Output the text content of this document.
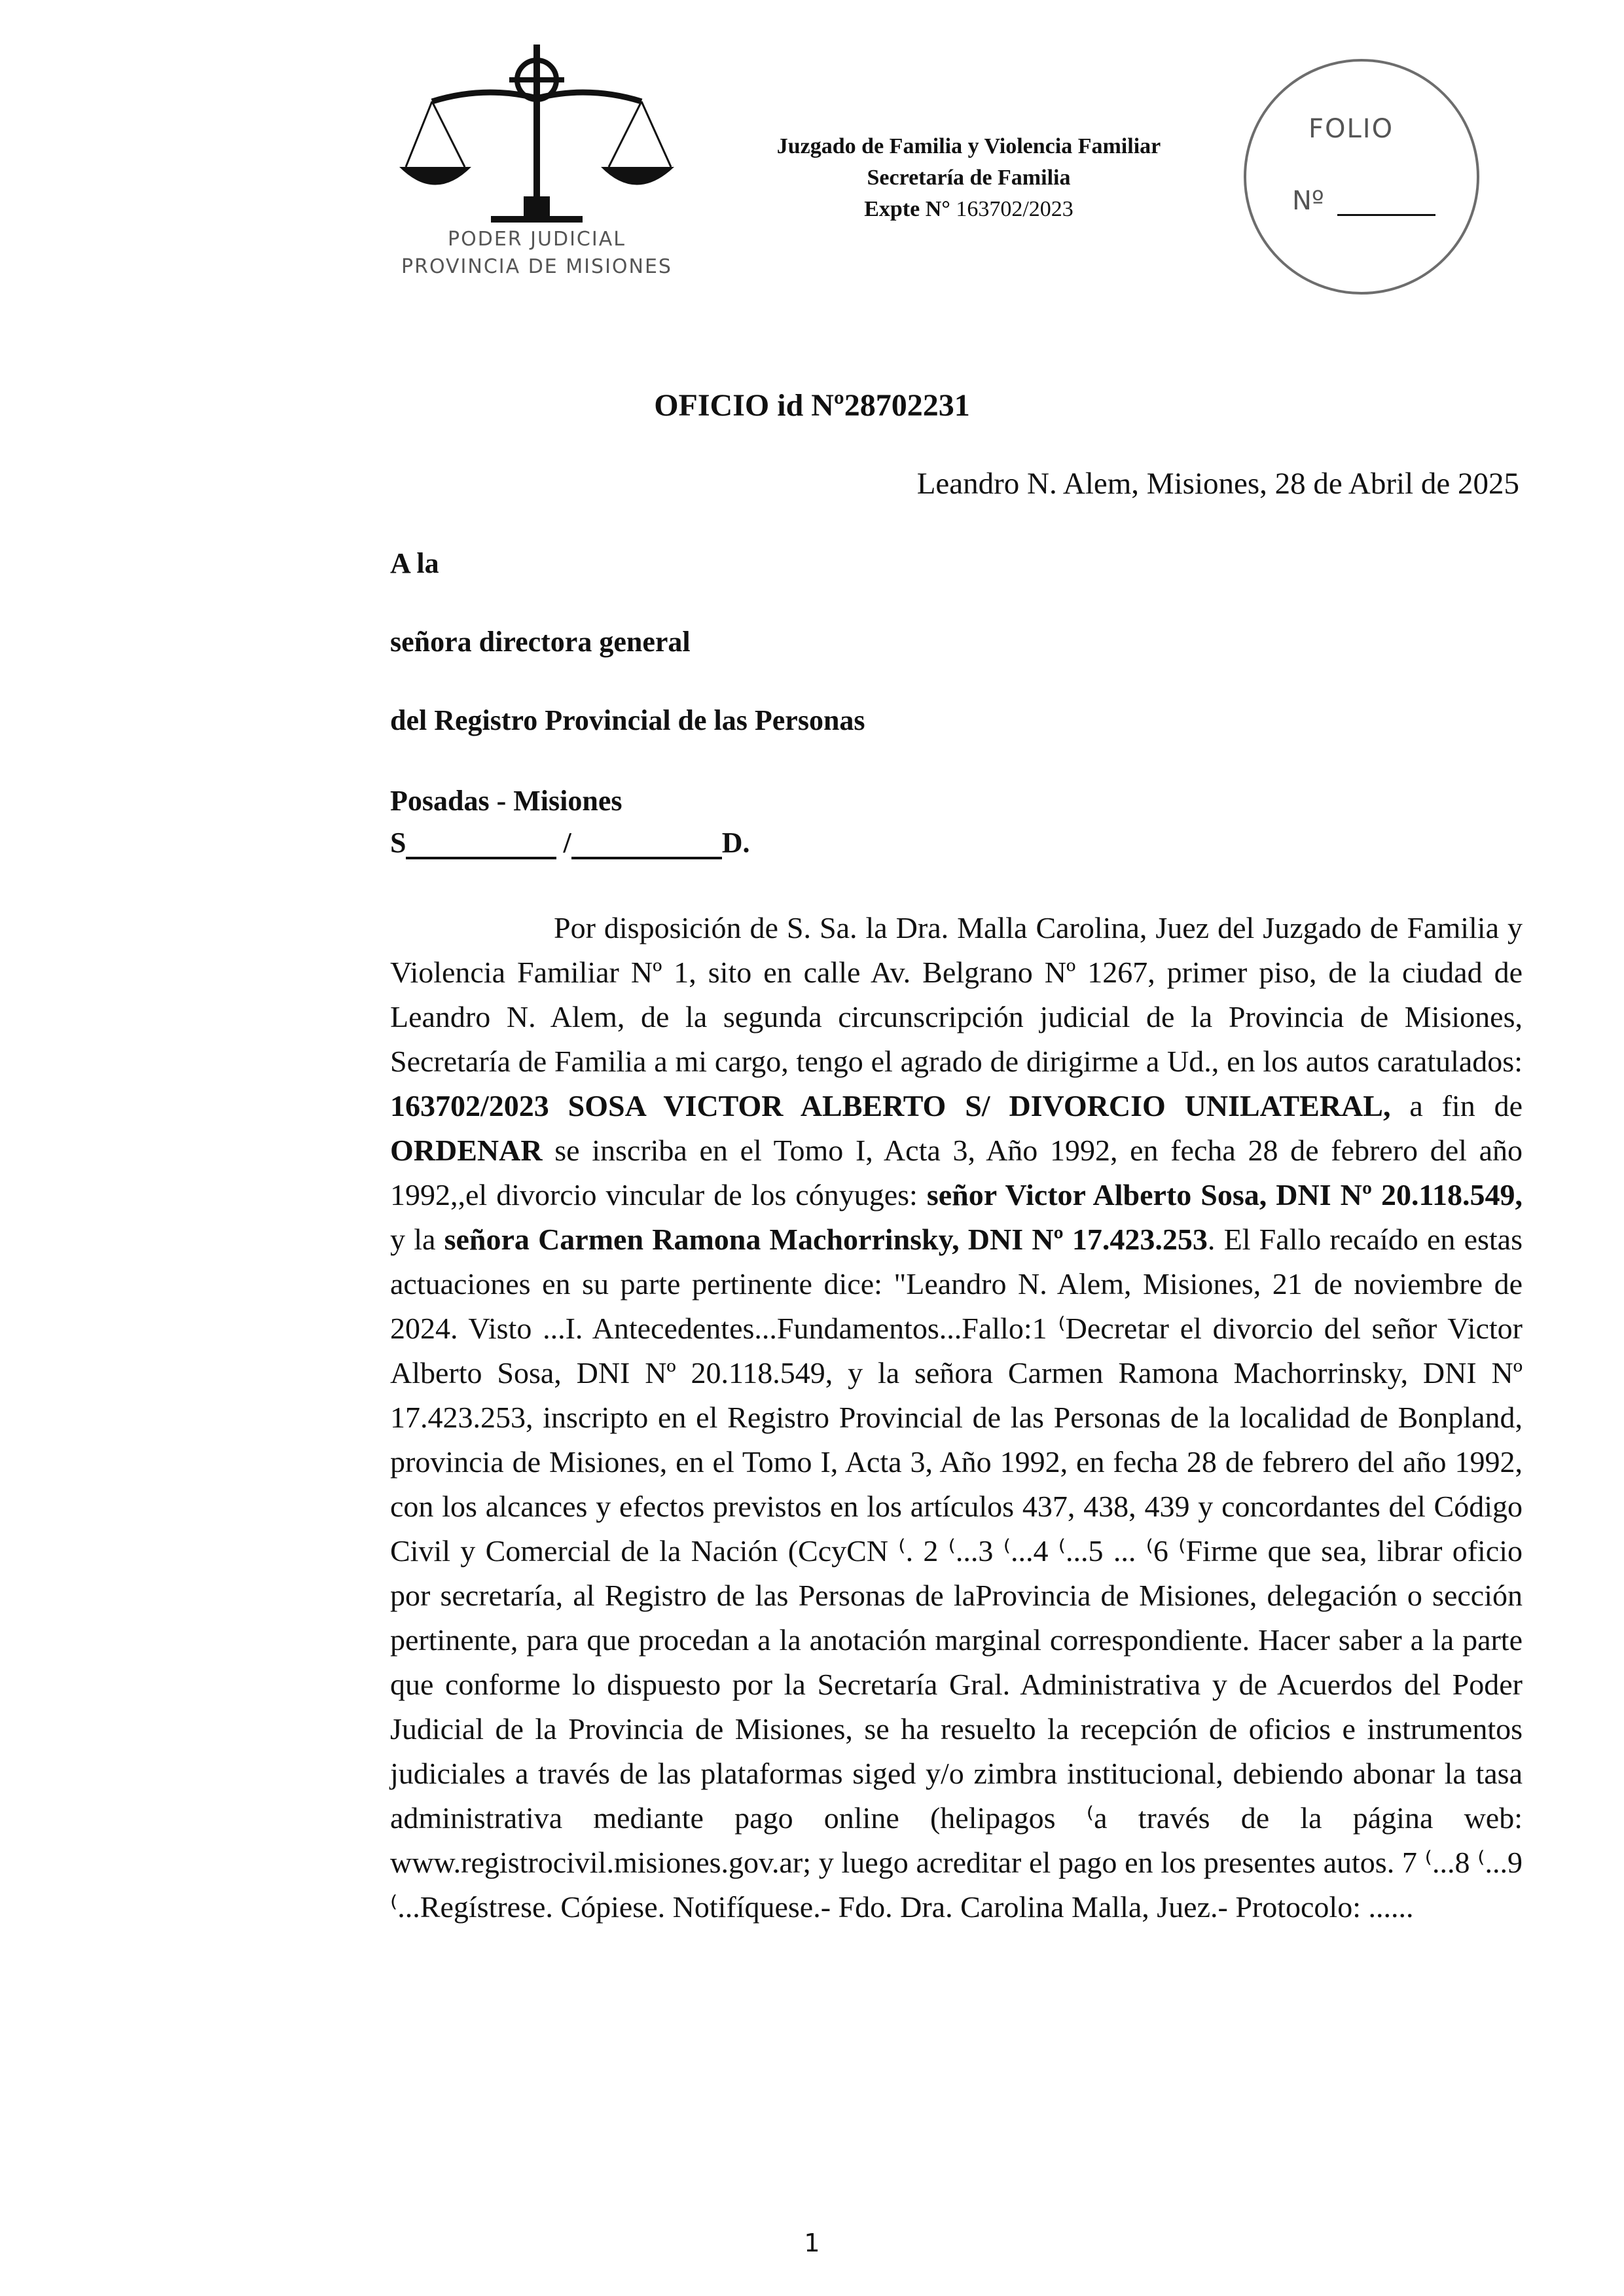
PODER JUDICIAL
PROVINCIA DE MISIONES
Juzgado de Familia y Violencia Familiar
Secretaría de Familia
Expte N° 163702/2023
FOLIO
Nº
OFICIO id Nº28702231
Leandro N. Alem, Misiones, 28 de Abril de 2025
A la
señora directora general
del Registro Provincial de las Personas
Posadas - Misiones
S	/	D.
Por disposición de S. Sa. la Dra. Malla Carolina, Juez del Juzgado de Familia y Violencia Familiar Nº 1, sito en calle Av. Belgrano Nº 1267, primer piso, de la ciudad de Leandro N. Alem, de la segunda circunscripción judicial de la Provincia de Misiones, Secretaría de Familia a mi cargo, tengo el agrado de dirigirme a Ud., en los autos caratulados: 163702/2023 SOSA VICTOR ALBERTO S/ DIVORCIO UNILATERAL, a fin de ORDENAR se inscriba en el Tomo I, Acta 3, Año 1992, en fecha 28 de febrero del año 1992,,el divorcio vincular de los cónyuges: señor Victor Alberto Sosa, DNI Nº 20.118.549, y la señora Carmen Ramona Machorrinsky, DNI Nº 17.423.253. El Fallo recaído en estas actuaciones en su parte pertinente dice: "Leandro N. Alem, Misiones, 21 de noviembre de 2024. Visto ...I. Antecedentes...Fundamentos...Fallo:1 ⁽Decretar el divorcio del señor Victor Alberto Sosa, DNI Nº 20.118.549, y la señora Carmen Ramona Machorrinsky, DNI Nº 17.423.253, inscripto en el Registro Provincial de las Personas de la localidad de Bonpland, provincia de Misiones, en el Tomo I, Acta 3, Año 1992, en fecha 28 de febrero del año 1992, con los alcances y efectos previstos en los artículos 437, 438, 439 y concordantes del Código Civil y Comercial de la Nación (CcyCN ⁽. 2 ⁽...3 ⁽...4 ⁽...5 ... ⁽6 ⁽Firme que sea, librar oficio por secretaría, al Registro de las Personas de laProvincia de Misiones, delegación o sección pertinente, para que procedan a la anotación marginal correspondiente. Hacer saber a la parte que conforme lo dispuesto por la Secretaría Gral. Administrativa y de Acuerdos del Poder Judicial de la Provincia de Misiones, se ha resuelto la recepción de oficios e instrumentos judiciales a través de las plataformas siged y/o zimbra institucional, debiendo abonar la tasa administrativa mediante pago online (helipagos ⁽a través de la página web: www.registrocivil.misiones.gov.ar; y luego acreditar el pago en los presentes autos. 7 ⁽...8 ⁽...9 ⁽...Regístrese. Cópiese. Notifíquese.- Fdo. Dra. Carolina Malla, Juez.- Protocolo: ......
1
